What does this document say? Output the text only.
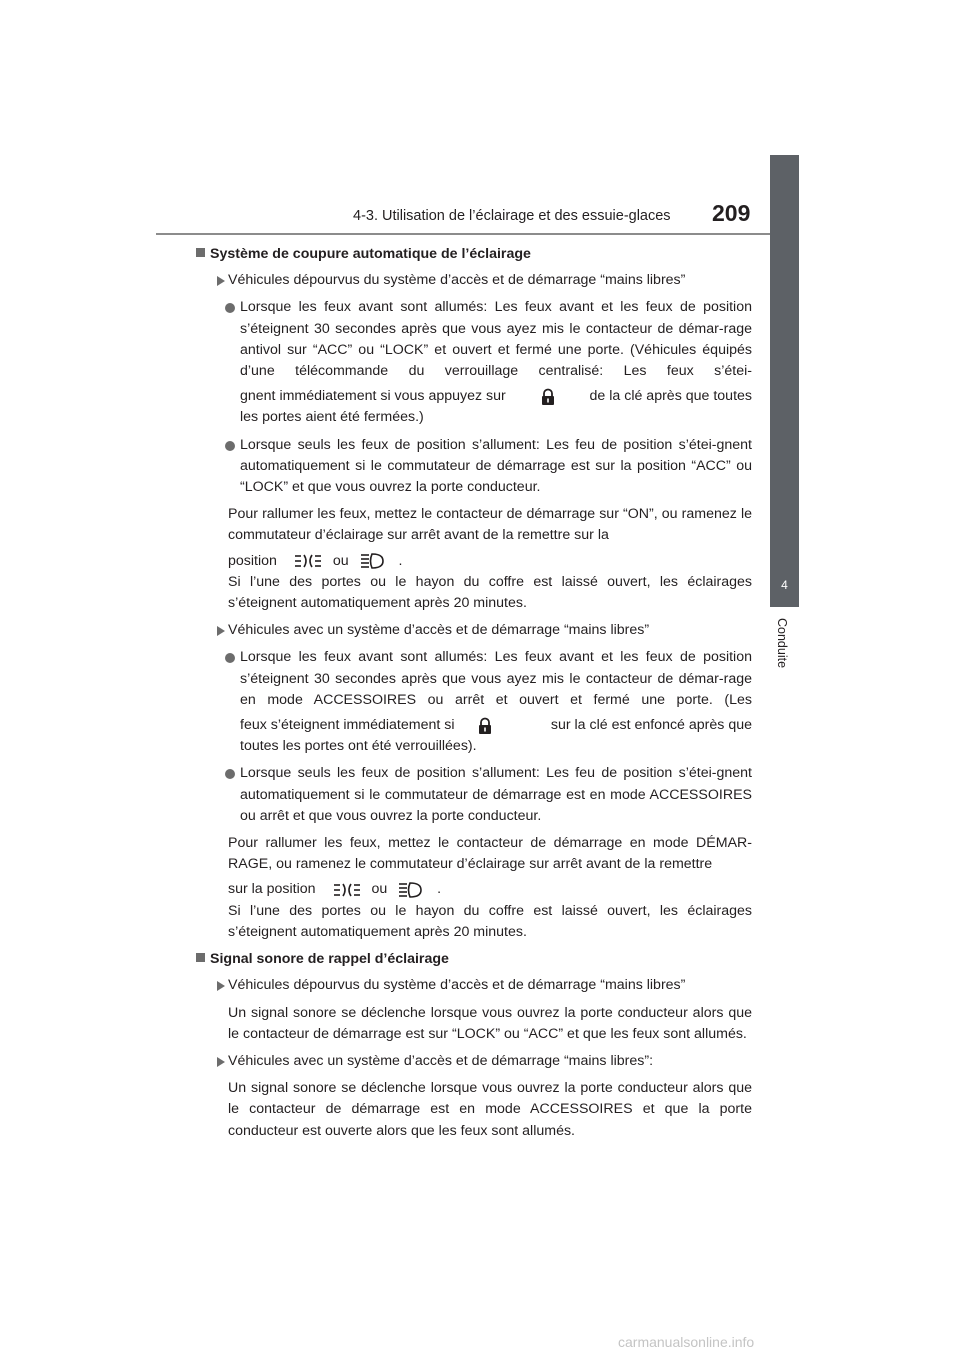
4-3. Utilisation de l’éclairage et des essuie-glaces 209
4
Conduite

Système de coupure automatique de l’éclairage

Véhicules dépourvus du système d’accès et de démarrage “mains libres”

Lorsque les feux avant sont allumés: Les feux avant et les feux de position s’éteignent 30 secondes après que vous ayez mis le contacteur de démar-rage antivol sur “ACC” ou “LOCK” et ouvert et fermé une porte. (Véhicules équipés d’une télécommande du verrouillage centralisé: Les feux s’étei-

gnent immédiatement si vous appuyez sur	de la clé après que toutes

les portes aient été fermées.)

Lorsque seuls les feux de position s’allument: Les feu de position s’étei-gnent automatiquement si le commutateur de démarrage est sur la position “ACC” ou “LOCK” et que vous ouvrez la porte conducteur.

Pour rallumer les feux, mettez le contacteur de démarrage sur “ON”, ou ramenez le commutateur d’éclairage sur arrêt avant de la remettre sur la

position	ou	.

Si l’une des portes ou le hayon du coffre est laissé ouvert, les éclairages s’éteignent automatiquement après 20 minutes.

Véhicules avec un système d’accès et de démarrage “mains libres”

Lorsque les feux avant sont allumés: Les feux avant et les feux de position s’éteignent 30 secondes après que vous ayez mis le contacteur de démar-rage en mode ACCESSOIRES ou arrêt et ouvert et fermé une porte. (Les

feux s’éteignent immédiatement si	sur la clé est enfoncé après que

toutes les portes ont été verrouillées).

Lorsque seuls les feux de position s’allument: Les feu de position s’étei-gnent automatiquement si le commutateur de démarrage est en mode ACCESSOIRES ou arrêt et que vous ouvrez la porte conducteur.

Pour rallumer les feux, mettez le contacteur de démarrage en mode DÉMAR-RAGE, ou ramenez le commutateur d’éclairage sur arrêt avant de la remettre

sur la position	ou	.

Si l’une des portes ou le hayon du coffre est laissé ouvert, les éclairages s’éteignent automatiquement après 20 minutes.

Signal sonore de rappel d’éclairage

Véhicules dépourvus du système d’accès et de démarrage “mains libres”

Un signal sonore se déclenche lorsque vous ouvrez la porte conducteur alors que le contacteur de démarrage est sur “LOCK” ou “ACC” et que les feux sont allumés.

Véhicules avec un système d’accès et de démarrage “mains libres”:

Un signal sonore se déclenche lorsque vous ouvrez la porte conducteur alors que le contacteur de démarrage est en mode ACCESSOIRES et que la porte conducteur est ouverte alors que les feux sont allumés.

carmanualsonline.info
